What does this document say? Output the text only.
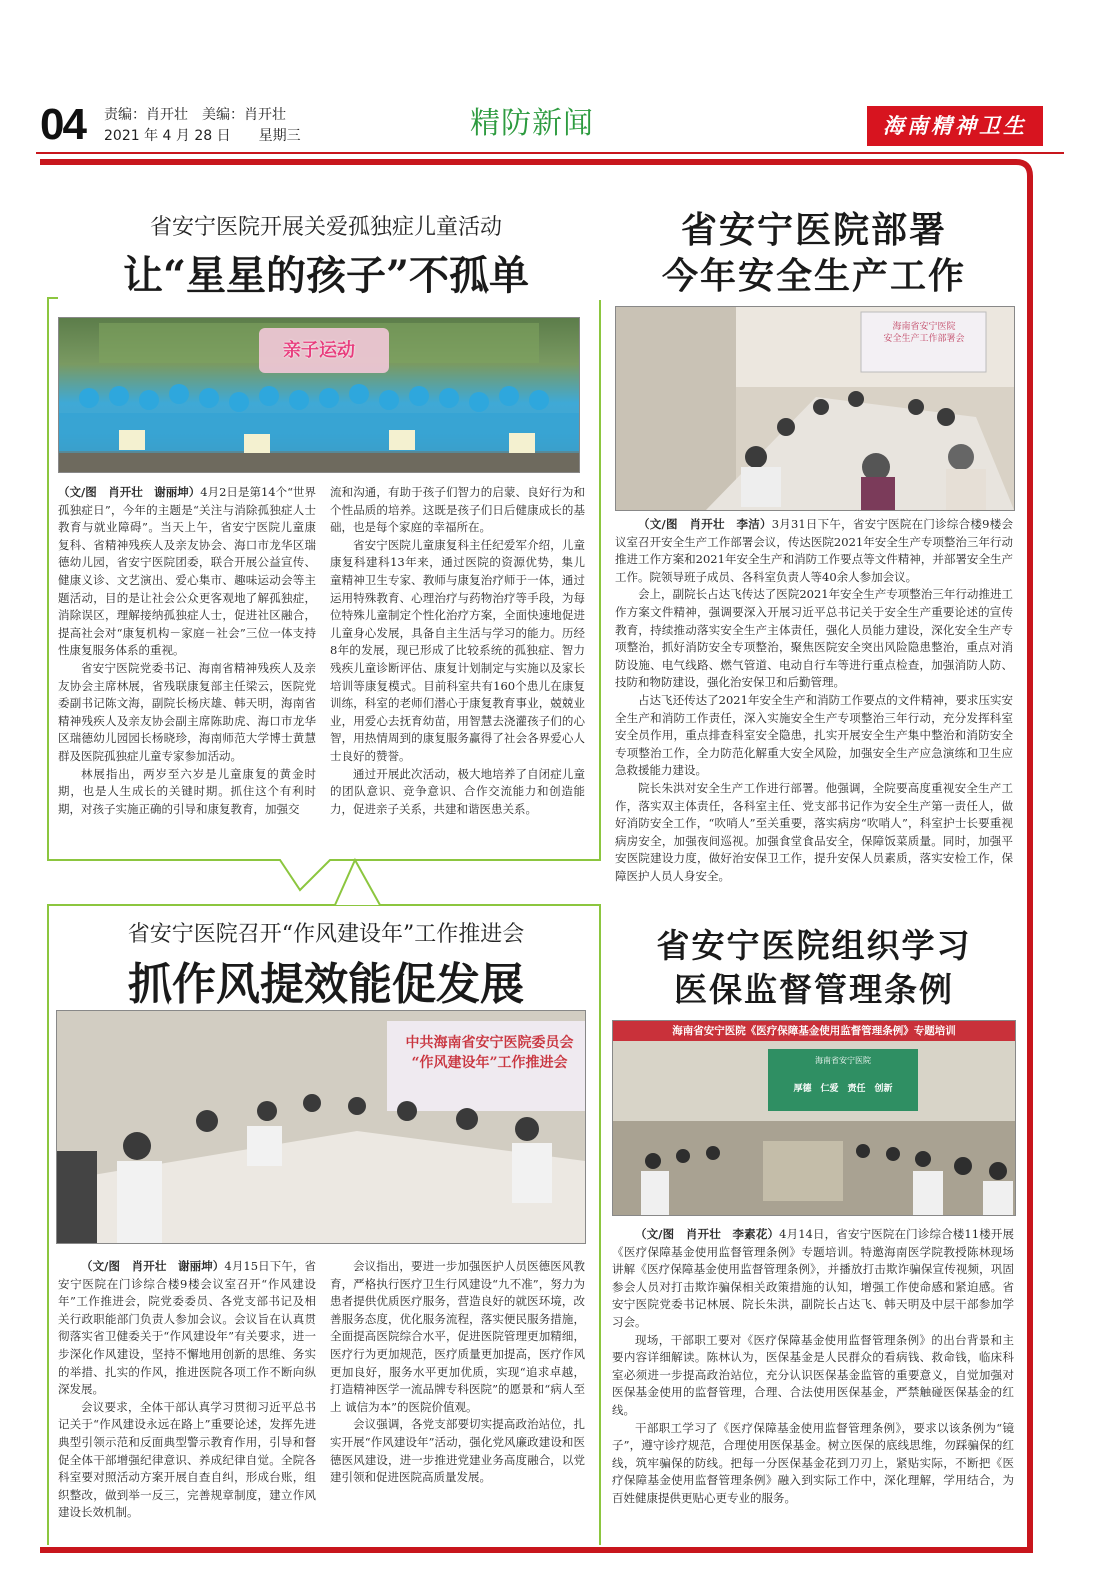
04 责编：肖开壮　美编：肖开壮
2021 年 4 月 28 日　　星期三	精防新闻	海南精神卫生
省安宁医院开展关爱孤独症儿童活动
让“星星的孩子”不孤单
亲子运动

（文/图　肖开壮　谢丽坤）4月2日是第14个“世界孤独症日”，今年的主题是“关注与消除孤独症人士教育与就业障碍”。当天上午，省安宁医院儿童康复科、省精神残疾人及亲友协会、海口市龙华区瑞德幼儿园，省安宁医院团委，联合开展公益宣传、健康义诊、文艺演出、爱心集市、趣味运动会等主题活动，目的是让社会公众更客观地了解孤独症，消除误区，理解接纳孤独症人士，促进社区融合，提高社会对“康复机构－家庭－社会”三位一体支持性康复服务体系的重视。

省安宁医院党委书记、海南省精神残疾人及亲友协会主席林展，省残联康复部主任梁云，医院党委副书记陈文海，副院长杨庆雄、韩天明，海南省精神残疾人及亲友协会副主席陈助虎、海口市龙华区瑞德幼儿园园长杨晓珍，海南师范大学博士黄慧群及医院孤独症儿童专家参加活动。

林展指出，两岁至六岁是儿童康复的黄金时期，也是人生成长的关键时期。抓住这个有利时期，对孩子实施正确的引导和康复教育，加强交

流和沟通，有助于孩子们智力的启蒙、良好行为和个性品质的培养。这既是孩子们日后健康成长的基础，也是每个家庭的幸福所在。

省安宁医院儿童康复科主任纪爱军介绍，儿童康复科建科13年来，通过医院的资源优势，集儿童精神卫生专家、教师与康复治疗师于一体，通过运用特殊教育、心理治疗与药物治疗等手段，为每位特殊儿童制定个性化治疗方案，全面快速地促进儿童身心发展，具备自主生活与学习的能力。历经8年的发展，现已形成了比较系统的孤独症、智力残疾儿童诊断评估、康复计划制定与实施以及家长培训等康复模式。目前科室共有160个患儿在康复训练，科室的老师们潜心于康复教育事业，兢兢业业，用爱心去抚育幼苗，用智慧去浇灌孩子们的心智，用热情周到的康复服务赢得了社会各界爱心人士良好的赞誉。

通过开展此次活动，极大地培养了自闭症儿童的团队意识、竞争意识、合作交流能力和创造能力，促进亲子关系，共建和谐医患关系。

省安宁医院部署
今年安全生产工作
海南省安宁医院
安全生产工作部署会

（文/图　肖开壮　李洁）3月31日下午，省安宁医院在门诊综合楼9楼会议室召开安全生产工作部署会议，传达医院2021年安全生产专项整治三年行动推进工作方案和2021年安全生产和消防工作要点等文件精神，并部署安全生产工作。院领导班子成员、各科室负责人等40余人参加会议。

会上，副院长占达飞传达了医院2021年安全生产专项整治三年行动推进工作方案文件精神，强调要深入开展习近平总书记关于安全生产重要论述的宣传教育，持续推动落实安全生产主体责任，强化人员能力建设，深化安全生产专项整治，抓好消防安全专项整治，聚焦医院安全突出风险隐患整治，重点对消防设施、电气线路、燃气管道、电动自行车等进行重点检查，加强消防人防、技防和物防建设，强化治安保卫和后勤管理。

占达飞还传达了2021年安全生产和消防工作要点的文件精神，要求压实安全生产和消防工作责任，深入实施安全生产专项整治三年行动，充分发挥科室安全员作用，重点排查科室安全隐患，扎实开展安全生产集中整治和消防安全专项整治工作，全力防范化解重大安全风险，加强安全生产应急演练和卫生应急救援能力建设。

院长朱洪对安全生产工作进行部署。他强调，全院要高度重视安全生产工作，落实双主体责任，各科室主任、党支部书记作为安全生产第一责任人，做好消防安全工作，“吹哨人”至关重要，落实病房“吹哨人”，科室护士长要重视病房安全，加强夜间巡视。加强食堂食品安全，保障饭菜质量。同时，加强平安医院建设力度，做好治安保卫工作，提升安保人员素质，落实安检工作，保障医护人员人身安全。

省安宁医院召开“作风建设年”工作推进会
抓作风提效能促发展
中共海南省安宁医院委员会
“作风建设年”工作推进会

（文/图　肖开壮　谢丽坤）4月15日下午，省安宁医院在门诊综合楼9楼会议室召开“作风建设年”工作推进会，院党委委员、各党支部书记及相关行政职能部门负责人参加会议。会议旨在认真贯彻落实省卫健委关于“作风建设年”有关要求，进一步深化作风建设，坚持不懈地用创新的思维、务实的举措、扎实的作风，推进医院各项工作不断向纵深发展。

会议要求，全体干部认真学习贯彻习近平总书记关于“作风建设永远在路上”重要论述，发挥先进典型引领示范和反面典型警示教育作用，引导和督促全体干部增强纪律意识、养成纪律自觉。全院各科室要对照活动方案开展自查自纠，形成台账，组织整改，做到举一反三，完善规章制度，建立作风建设长效机制。

会议指出，要进一步加强医护人员医德医风教育，严格执行医疗卫生行风建设“九不准”，努力为患者提供优质医疗服务，营造良好的就医环境，改善服务态度，优化服务流程，落实便民服务措施，全面提高医院综合水平，促进医院管理更加精细，医疗行为更加规范，医疗质量更加提高，医疗作风更加良好，服务水平更加优质，实现“追求卓越，打造精神医学一流品牌专科医院”的愿景和“病人至上 诚信为本”的医院价值观。

会议强调，各党支部要切实提高政治站位，扎实开展“作风建设年”活动，强化党风廉政建设和医德医风建设，进一步推进党建业务高度融合，以党建引领和促进医院高质量发展。

省安宁医院组织学习
医保监督管理条例
海南省安宁医院《医疗保障基金使用监督管理条例》专题培训
海南省安宁医院
厚德　仁爱　责任　创新

（文/图　肖开壮　李素花）4月14日，省安宁医院在门诊综合楼11楼开展《医疗保障基金使用监督管理条例》专题培训。特邀海南医学院教授陈林现场讲解《医疗保障基金使用监督管理条例》，并播放打击欺诈骗保宣传视频，巩固参会人员对打击欺诈骗保相关政策措施的认知，增强工作使命感和紧迫感。省安宁医院党委书记林展、院长朱洪，副院长占达飞、韩天明及中层干部参加学习会。

现场，干部职工要对《医疗保障基金使用监督管理条例》的出台背景和主要内容详细解读。陈林认为，医保基金是人民群众的看病钱、救命钱，临床科室必须进一步提高政治站位，充分认识医保基金监管的重要意义，自觉加强对医保基金使用的监督管理，合理、合法使用医保基金，严禁触碰医保基金的红线。

干部职工学习了《医疗保障基金使用监督管理条例》，要求以该条例为“镜子”，遵守诊疗规范，合理使用医保基金。树立医保的底线思维，勿踩骗保的红线，筑牢骗保的防线。把每一分医保基金花到刀刃上，紧贴实际，不断把《医疗保障基金使用监督管理条例》融入到实际工作中，深化理解，学用结合，为百姓健康提供更贴心更专业的服务。
